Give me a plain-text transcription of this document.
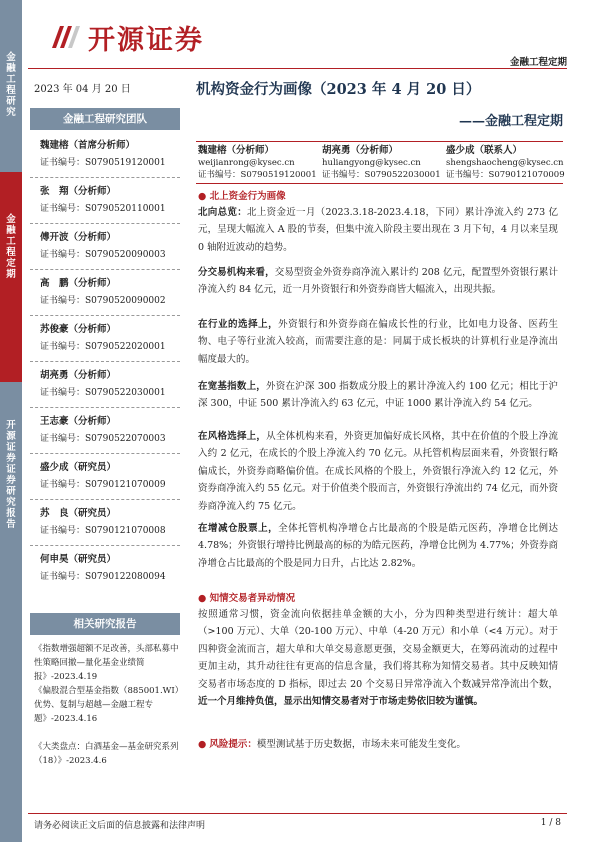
金融工程研究
金融工程定期
开源证券 证券研究报告
开源证券
金融工程定期
2023 年 04 月 20 日	机构资金行为画像（2023 年 4 月 20 日）
——金融工程定期
金融工程研究团队
魏建榕（首席分析师）
证书编号：S0790519120001
张　翔（分析师）
证书编号：S0790520110001
傅开波（分析师）
证书编号：S0790520090003
高　鹏（分析师）
证书编号：S0790520090002
苏俊豪（分析师）
证书编号：S0790522020001
胡亮勇（分析师）
证书编号：S0790522030001
王志豪（分析师）
证书编号：S0790522070003
盛少成（研究员）
证书编号：S0790121070009
苏　良（研究员）
证书编号：S0790121070008
何申昊（研究员）
证书编号：S0790122080094
相关研究报告
《指数增强超额不足改善，头部私募中性策略回撤—量化基金业绩简报》-2023.4.19
《偏股混合型基金指数（885001.WI）优势、复制与超越—金融工程专题》-2023.4.16
《大类盘点：白酒基金—基金研究系列（18）》-2023.4.6
魏建榕（分析师）
weijianrong@kysec.cn
证书编号：S0790519120001
胡亮勇（分析师）
huliangyong@kysec.cn
证书编号：S0790522030001
盛少成（联系人）
shengshaocheng@kysec.cn
证书编号：S0790121070009
● 北上资金行为画像
北向总览：北上资金近一月（2023.3.18-2023.4.18，下同）累计净流入约 273 亿元，呈现大幅流入 A 股的节奏，但集中流入阶段主要出现在 3 月下旬，4 月以来呈现 0 轴附近波动的趋势。
分交易机构来看，交易型资金外资券商净流入累计约 208 亿元，配置型外资银行累计净流入约 84 亿元，近一月外资银行和外资券商皆大幅流入，出现共振。
在行业的选择上，外资银行和外资券商在偏成长性的行业，比如电力设备、医药生物、电子等行业流入较高，而需要注意的是：同属于成长板块的计算机行业是净流出幅度最大的。
在宽基指数上，外资在沪深 300 指数成分股上的累计净流入约 100 亿元；相比于沪深 300，中证 500 累计净流入约 63 亿元，中证 1000 累计净流入约 54 亿元。
在风格选择上，从全体机构来看，外资更加偏好成长风格，其中在价值的个股上净流入约 2 亿元，在成长的个股上净流入约 70 亿元。从托管机构层面来看，外资银行略偏成长，外资券商略偏价值。在成长风格的个股上，外资银行净流入约 12 亿元，外资券商净流入约 55 亿元。对于价值类个股而言，外资银行净流出约 74 亿元，而外资券商净流入约 75 亿元。
在增减仓股票上，全体托管机构净增仓占比最高的个股是皓元医药，净增仓比例达 4.78%；外资银行增持比例最高的标的为皓元医药，净增仓比例为 4.77%；外资券商净增仓占比最高的个股是同力日升，占比达 2.82%。
● 知情交易者异动情况
按照通常习惯，资金流向依据挂单金额的大小，分为四种类型进行统计：超大单（>100 万元）、大单（20-100 万元）、中单（4-20 万元）和小单（<4 万元）。对于四种资金流而言，超大单和大单交易意愿更强，交易金额更大，在筹码流动的过程中更加主动，其升动往往有更高的信息含量，我们将其称为知情交易者。其中反映知情交易者市场态度的 D 指标，即过去 20 个交易日异常净流入个数减异常净流出个数，近一个月维持负值，显示出知情交易者对于市场走势依旧较为谨慎。
● 风险提示：模型测试基于历史数据，市场未来可能发生变化。
请务必阅读正文后面的信息披露和法律声明	1 / 8
